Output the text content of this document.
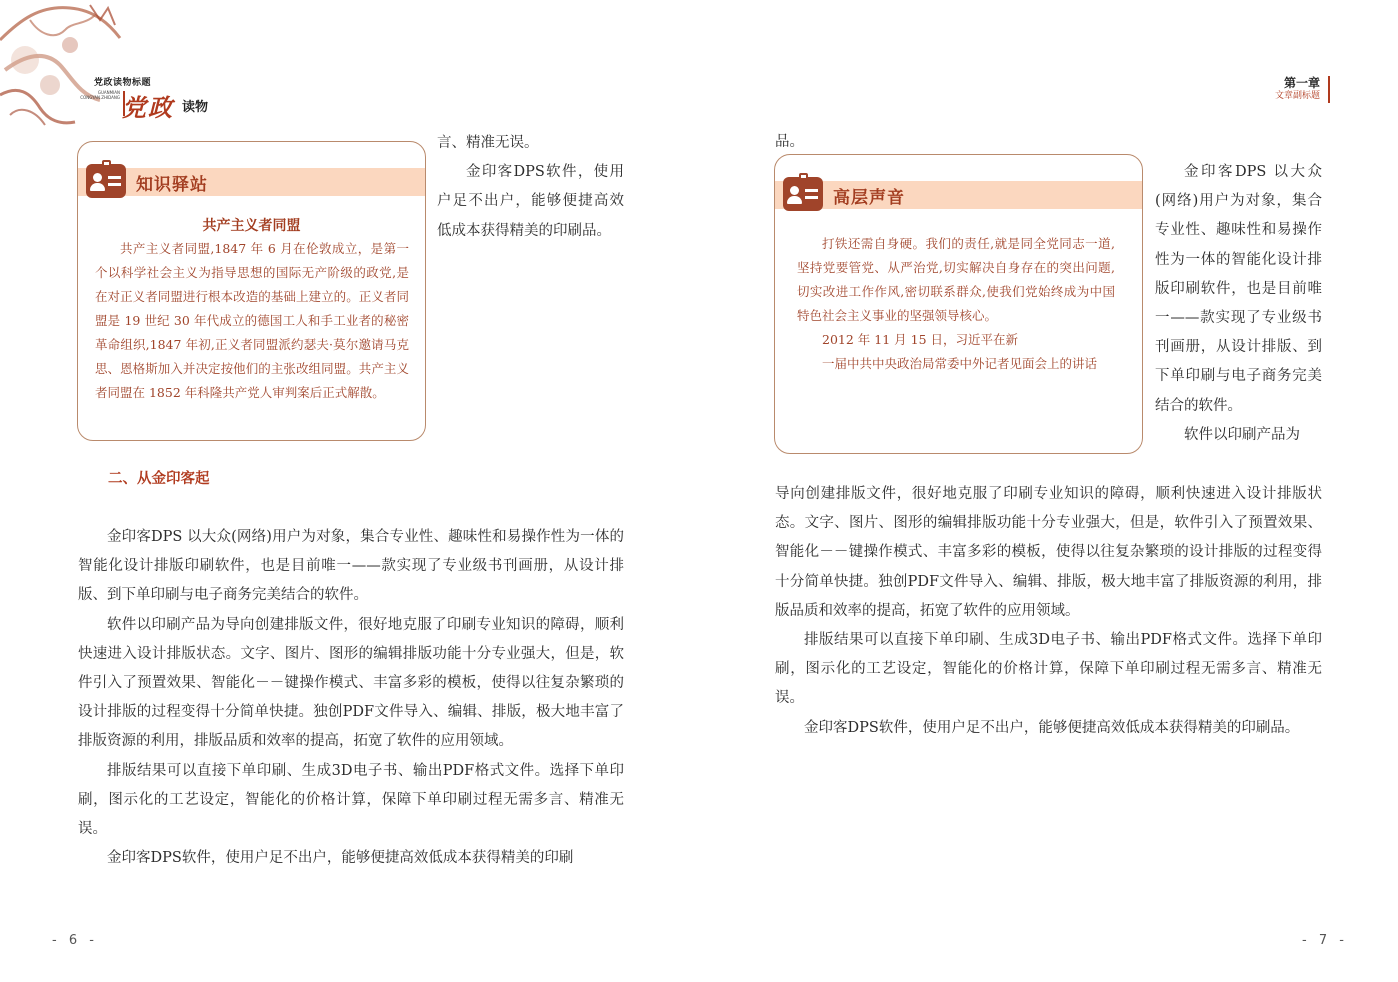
党政读物标题
GUANMIAN CONGYAN ZHIDANG 党政 读物
第一章
文章副标题
知识驿站
共产主义者同盟

共产主义者同盟,1847 年 6 月在伦敦成立，是第一个以科学社会主义为指导思想的国际无产阶级的政党,是在对正义者同盟进行根本改造的基础上建立的。正义者同盟是 19 世纪 30 年代成立的德国工人和手工业者的秘密革命组织,1847 年初,正义者同盟派约瑟夫·莫尔邀请马克思、恩格斯加入并决定按他们的主张改组同盟。共产主义者同盟在 1852 年科隆共产党人审判案后正式解散。

言、精准无误。

金印客DPS软件，使用户足不出户，能够便捷高效低成本获得精美的印刷品。

二、从金印客起

金印客DPS 以大众(网络)用户为对象，集合专业性、趣味性和易操作性为一体的智能化设计排版印刷软件，也是目前唯一——款实现了专业级书刊画册，从设计排版、到下单印刷与电子商务完美结合的软件。

软件以印刷产品为导向创建排版文件，很好地克服了印刷专业知识的障碍，顺利快速进入设计排版状态。文字、图片、图形的编辑排版功能十分专业强大，但是，软件引入了预置效果、智能化－－键操作模式、丰富多彩的模板，使得以往复杂繁琐的设计排版的过程变得十分简单快捷。独创PDF文件导入、编辑、排版，极大地丰富了排版资源的利用，排版品质和效率的提高，拓宽了软件的应用领域。

排版结果可以直接下单印刷、生成3D电子书、输出PDF格式文件。选择下单印刷，图示化的工艺设定，智能化的价格计算，保障下单印刷过程无需多言、精准无误。

金印客DPS软件，使用户足不出户，能够便捷高效低成本获得精美的印刷

- 6 -

品。

高层声音

打铁还需自身硬。我们的责任,就是同全党同志一道,坚持党要管党、从严治党,切实解决自身存在的突出问题,切实改进工作作风,密切联系群众,使我们党始终成为中国特色社会主义事业的坚强领导核心。

2012 年 11 月 15 日，习近平在新

一届中共中央政治局常委中外记者见面会上的讲话

金印客DPS 以大众(网络)用户为对象，集合专业性、趣味性和易操作性为一体的智能化设计排版印刷软件，也是目前唯一——款实现了专业级书刊画册，从设计排版、到下单印刷与电子商务完美结合的软件。

软件以印刷产品为

导向创建排版文件，很好地克服了印刷专业知识的障碍，顺利快速进入设计排版状态。文字、图片、图形的编辑排版功能十分专业强大，但是，软件引入了预置效果、智能化－－键操作模式、丰富多彩的模板，使得以往复杂繁琐的设计排版的过程变得十分简单快捷。独创PDF文件导入、编辑、排版，极大地丰富了排版资源的利用，排版品质和效率的提高，拓宽了软件的应用领域。

排版结果可以直接下单印刷、生成3D电子书、输出PDF格式文件。选择下单印刷，图示化的工艺设定，智能化的价格计算，保障下单印刷过程无需多言、精准无误。

金印客DPS软件，使用户足不出户，能够便捷高效低成本获得精美的印刷品。

- 7 -
